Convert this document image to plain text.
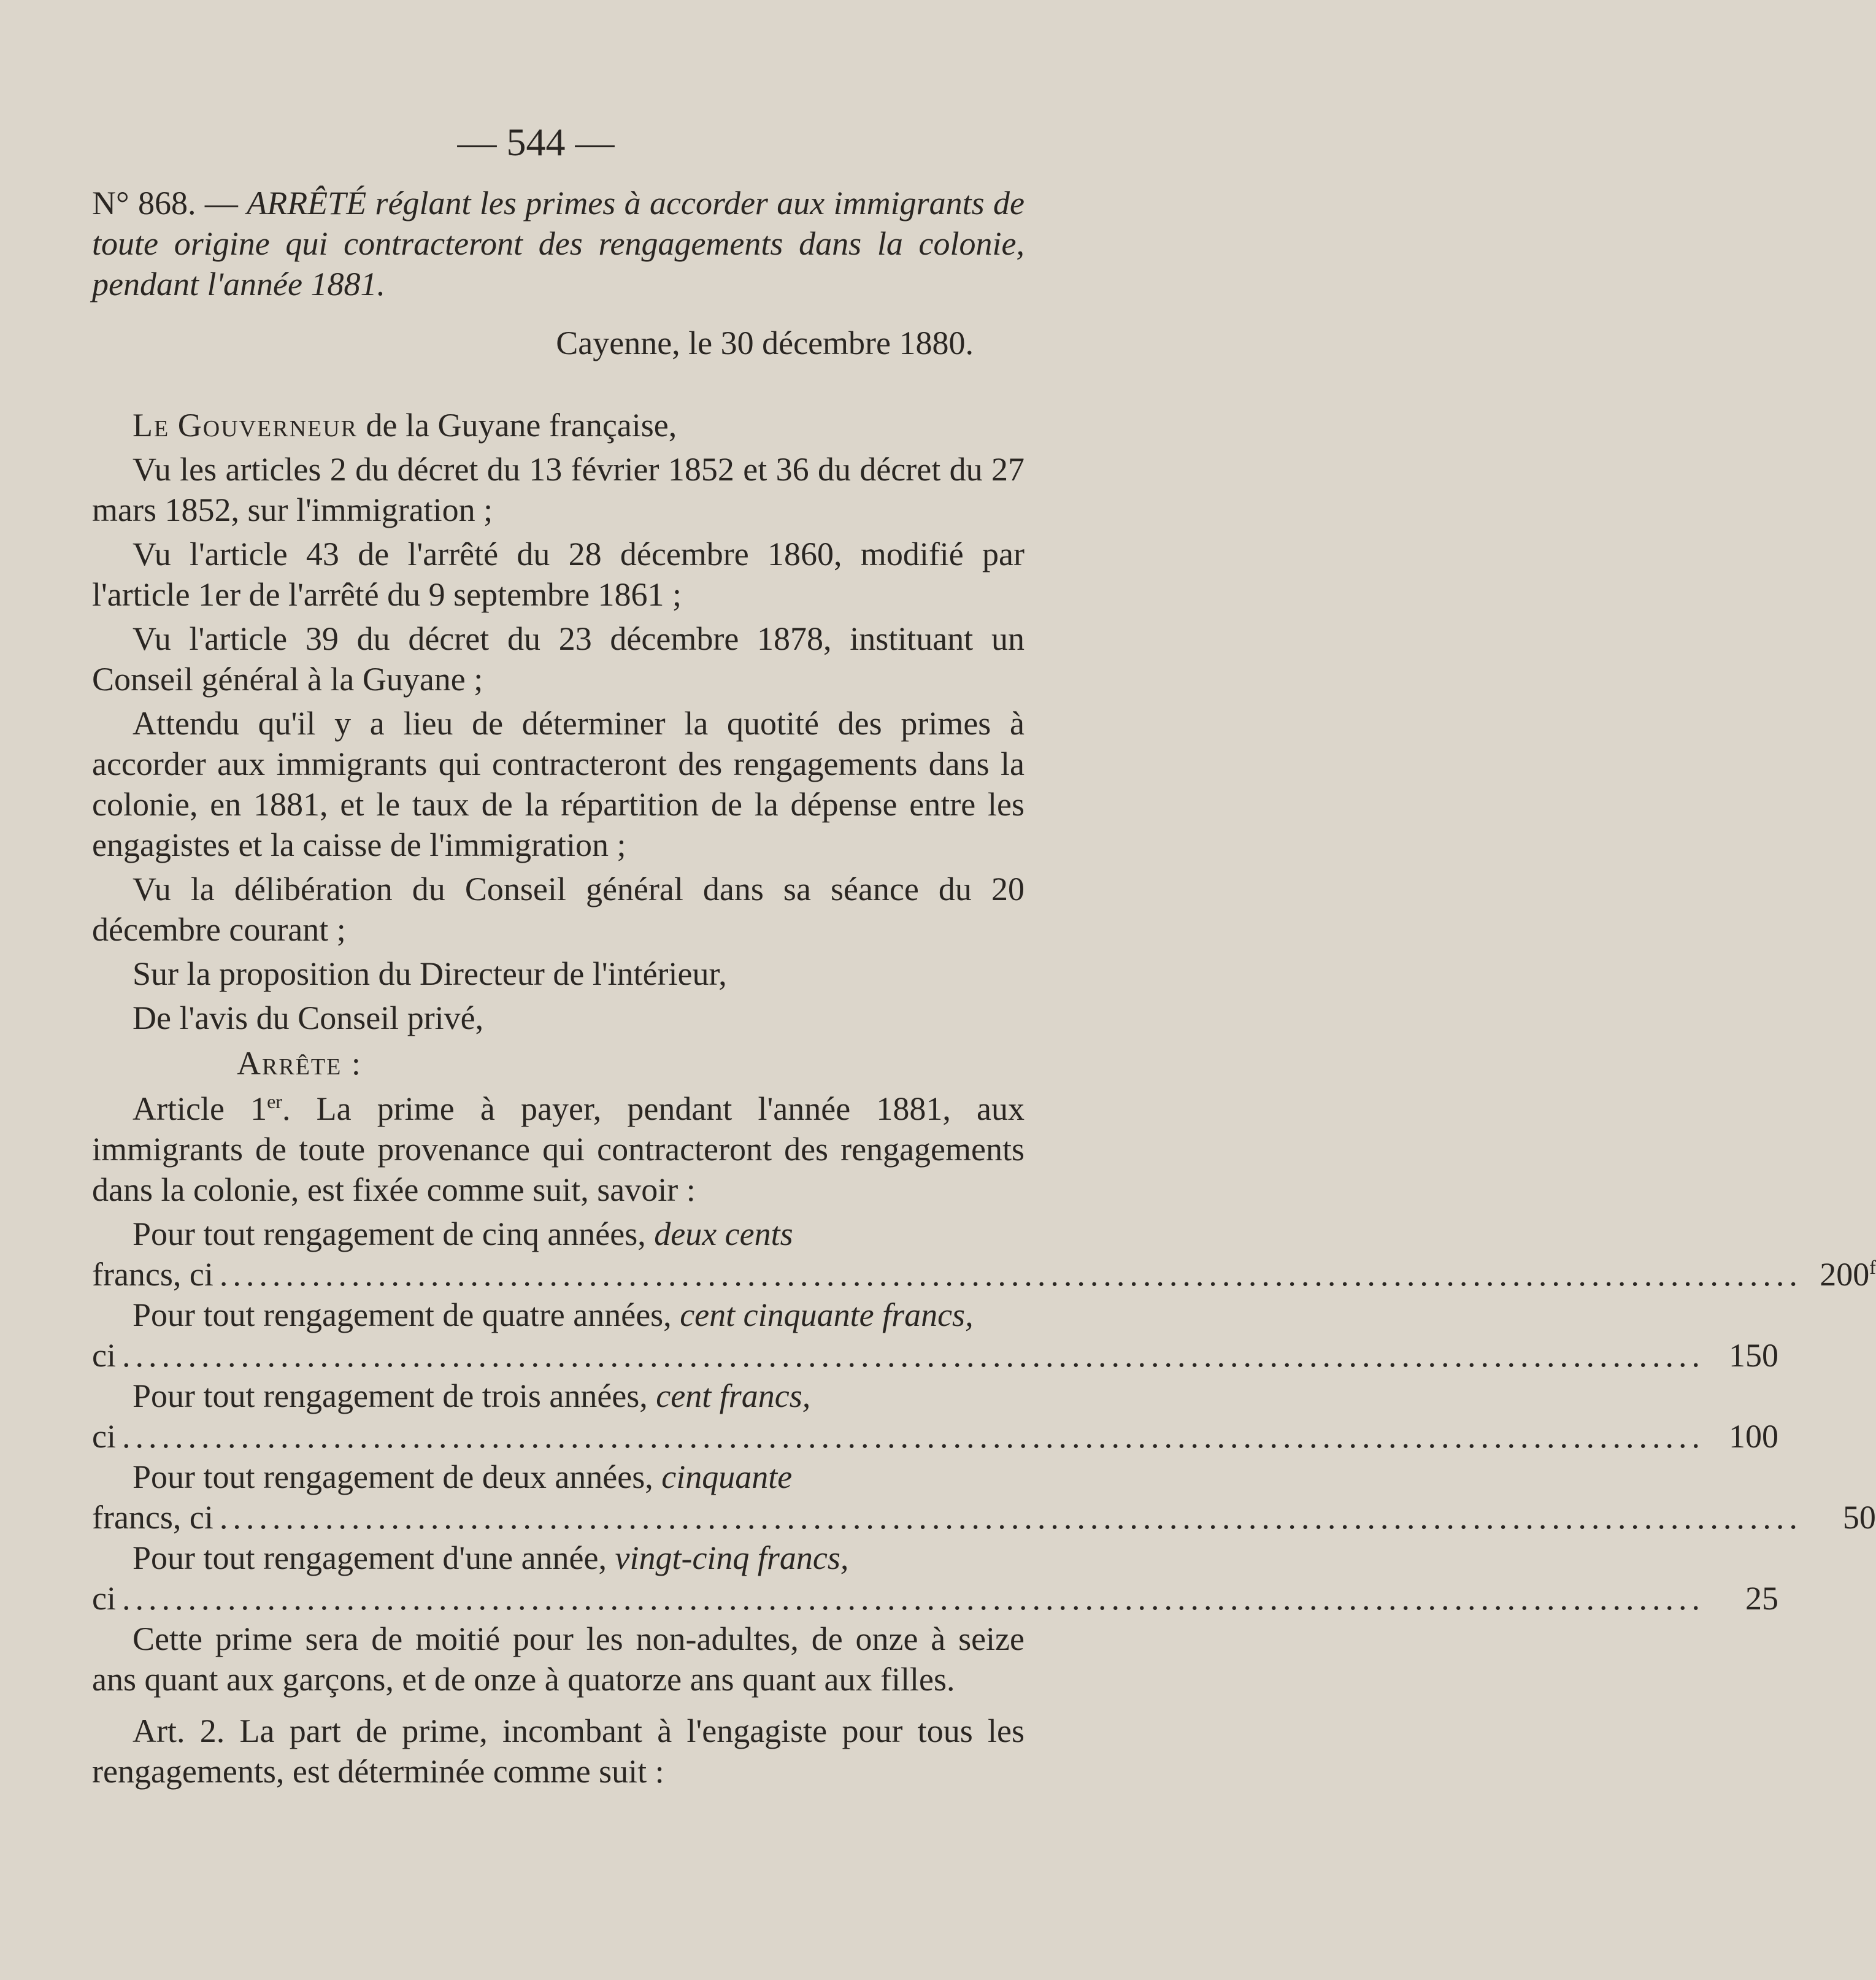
— 544 —
N° 868. — ARRÊTÉ réglant les primes à accorder aux immigrants de toute origine qui contracteront des rengagements dans la colonie, pendant l'année 1881.
Cayenne, le 30 décembre 1880.

Le Gouverneur de la Guyane française,

Vu les articles 2 du décret du 13 février 1852 et 36 du décret du 27 mars 1852, sur l'immigration ;

Vu l'article 43 de l'arrêté du 28 décembre 1860, modifié par l'article 1er de l'arrêté du 9 septembre 1861 ;

Vu l'article 39 du décret du 23 décembre 1878, instituant un Conseil général à la Guyane ;

Attendu qu'il y a lieu de déterminer la quotité des primes à accorder aux immigrants qui contracteront des rengagements dans la colonie, en 1881, et le taux de la répartition de la dépense entre les engagistes et la caisse de l'immigration ;

Vu la délibération du Conseil général dans sa séance du 20 décembre courant ;

Sur la proposition du Directeur de l'intérieur,

De l'avis du Conseil privé,

Arrête :

Article 1er. La prime à payer, pendant l'année 1881, aux immigrants de toute provenance qui contracteront des rengagements dans la colonie, est fixée comme suit, savoir :

Pour tout rengagement de cinq années, deux cents

francs, ci ........................................................................................................................ 200$^f$

Pour tout rengagement de quatre années, cent cinquante francs,

ci ........................................................................................................................ 150

Pour tout rengagement de trois années, cent francs,

ci ........................................................................................................................ 100

Pour tout rengagement de deux années, cinquante

francs, ci ........................................................................................................................	50

Pour tout rengagement d'une année, vingt-cinq francs,

ci ........................................................................................................................	25

Cette prime sera de moitié pour les non-adultes, de onze à seize ans quant aux garçons, et de onze à quatorze ans quant aux filles.

Art. 2. La part de prime, incombant à l'engagiste pour tous les rengagements, est déterminée comme suit :
